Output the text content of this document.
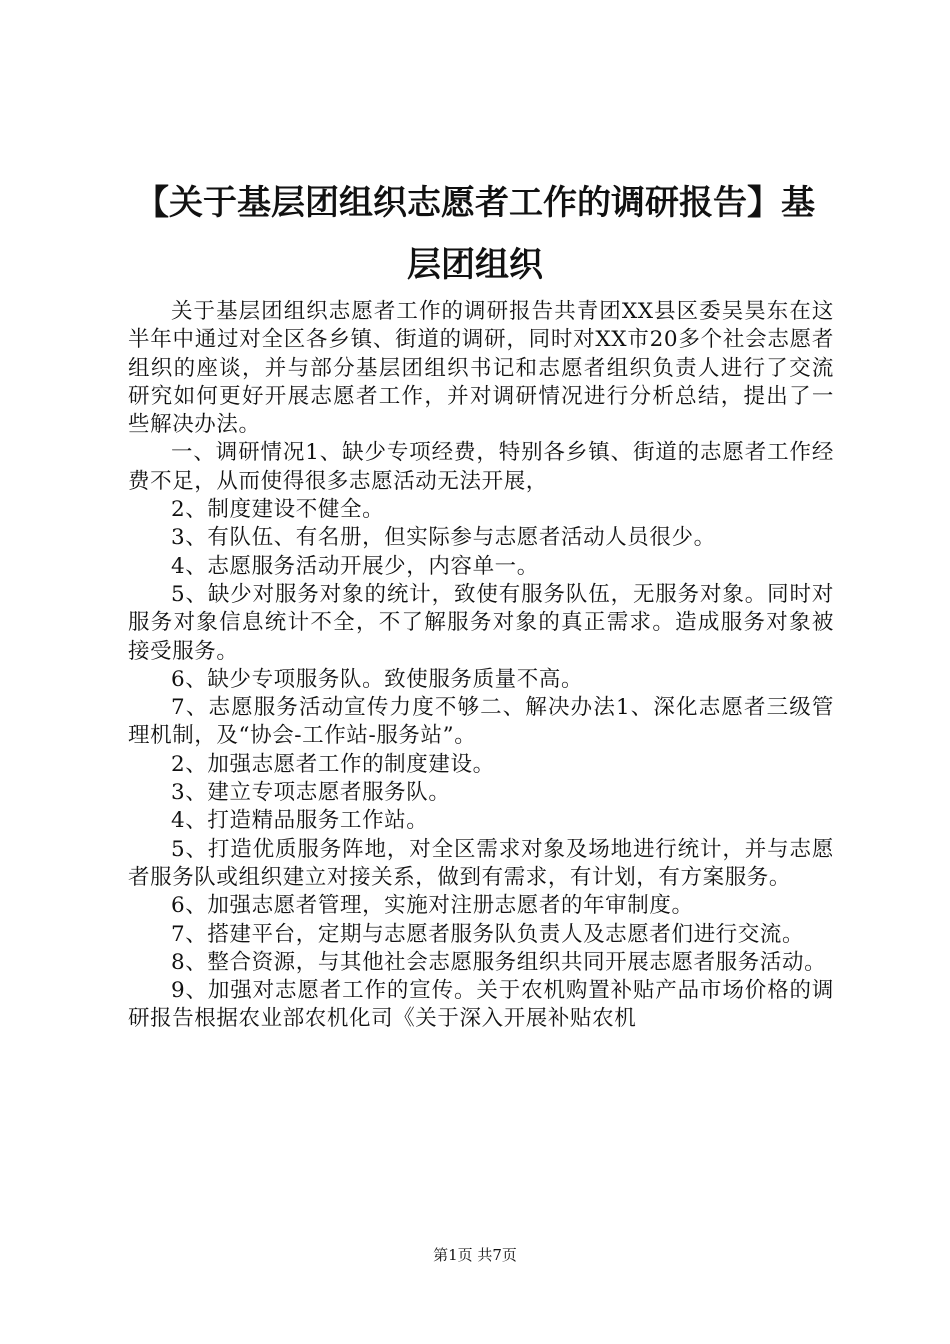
【关于基层团组织志愿者工作的调研报告】基
层团组织

关于基层团组织志愿者工作的调研报告共青团XX县区委吴昊东在这半年中通过对全区各乡镇、街道的调研，同时对XX市20多个社会志愿者组织的座谈，并与部分基层团组织书记和志愿者组织负责人进行了交流研究如何更好开展志愿者工作，并对调研情况进行分析总结，提出了一些解决办法。

一、调研情况1、缺少专项经费，特别各乡镇、街道的志愿者工作经费不足，从而使得很多志愿活动无法开展，

2、制度建设不健全。

3、有队伍、有名册，但实际参与志愿者活动人员很少。

4、志愿服务活动开展少，内容单一。

5、缺少对服务对象的统计，致使有服务队伍，无服务对象。同时对服务对象信息统计不全，不了解服务对象的真正需求。造成服务对象被接受服务。

6、缺少专项服务队。致使服务质量不高。

7、志愿服务活动宣传力度不够二、解决办法1、深化志愿者三级管理机制，及“协会-工作站-服务站”。

2、加强志愿者工作的制度建设。

3、建立专项志愿者服务队。

4、打造精品服务工作站。

5、打造优质服务阵地，对全区需求对象及场地进行统计，并与志愿者服务队或组织建立对接关系，做到有需求，有计划，有方案服务。

6、加强志愿者管理，实施对注册志愿者的年审制度。

7、搭建平台，定期与志愿者服务队负责人及志愿者们进行交流。

8、整合资源，与其他社会志愿服务组织共同开展志愿者服务活动。

9、加强对志愿者工作的宣传。关于农机购置补贴产品市场价格的调研报告根据农业部农机化司《关于深入开展补贴农机

第1页 共7页
